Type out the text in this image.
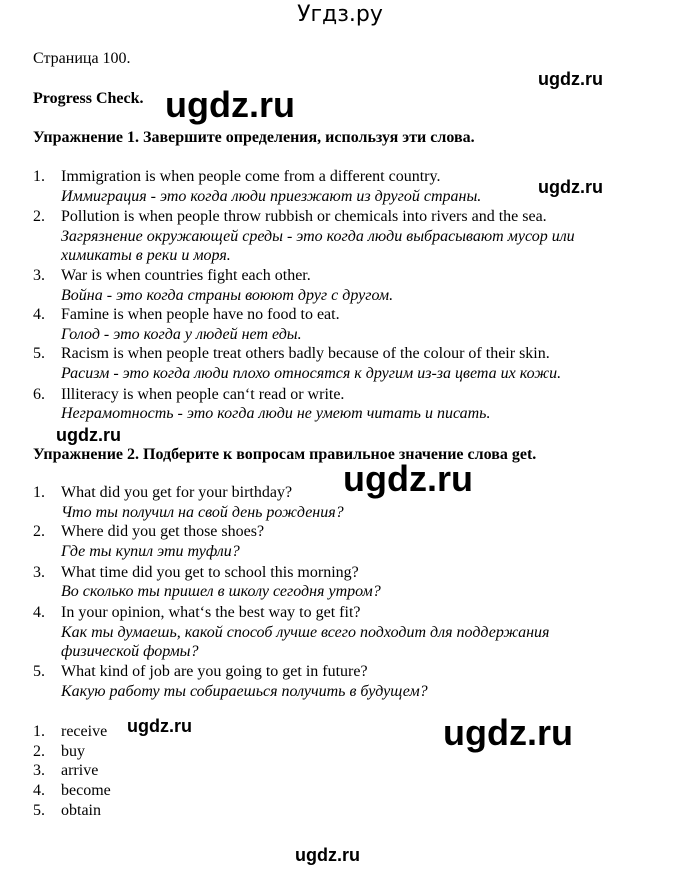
Угдз.ру
Страница 100.
Progress Check.
Упражнение 1. Завершите определения, используя эти слова.
1. Immigration is when people come from a different country.
Иммиграция - это когда люди приезжают из другой страны.
2. Pollution is when people throw rubbish or chemicals into rivers and the sea.
Загрязнение окружающей среды - это когда люди выбрасывают мусор или
химикаты в реки и моря.
3. War is when countries fight each other.
Война - это когда страны воюют друг с другом.
4. Famine is when people have no food to eat.
Голод - это когда у людей нет еды.
5. Racism is when people treat others badly because of the colour of their skin.
Расизм - это когда люди плохо относятся к другим из-за цвета их кожи.
6. Illiteracy is when people can‘t read or write.
Неграмотность - это когда люди не умеют читать и писать.
Упражнение 2. Подберите к вопросам правильное значение слова get.
1. What did you get for your birthday?
Что ты получил на свой день рождения?
2. Where did you get those shoes?
Где ты купил эти туфли?
3. What time did you get to school this morning?
Во сколько ты пришел в школу сегодня утром?
4. In your opinion, what‘s the best way to get fit?
Как ты думаешь, какой способ лучше всего подходит для поддержания
физической формы?
5. What kind of job are you going to get in future?
Какую работу ты собираешься получить в будущем?
1. receive
2. buy
3. arrive
4. become
5. obtain
ugdz.ru
ugdz.ru
ugdz.ru
ugdz.ru
ugdz.ru
ugdz.ru	ugdz.ru
ugdz.ru
